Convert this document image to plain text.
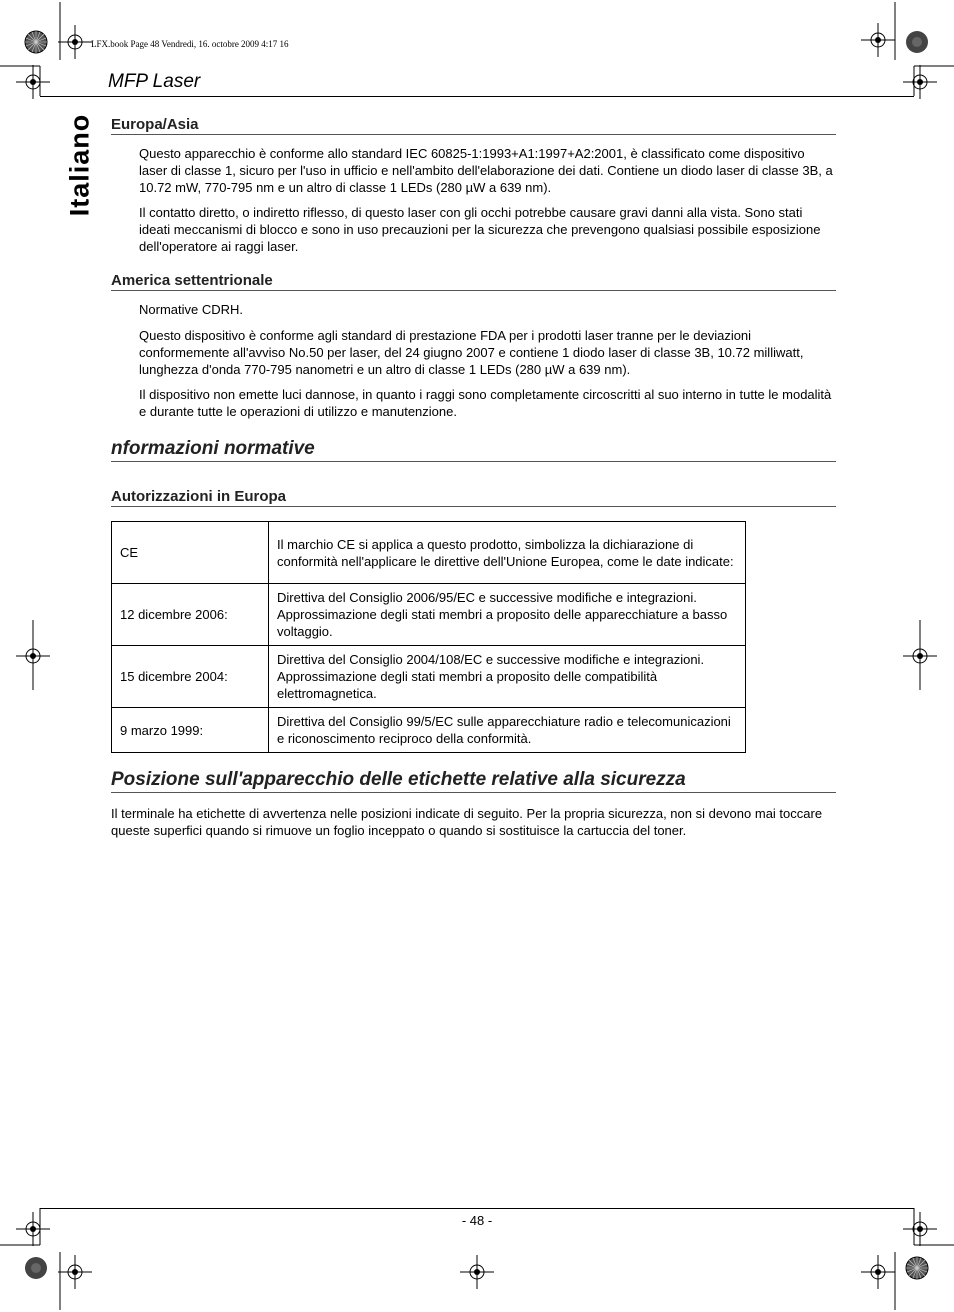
LFX.book Page 48 Vendredi, 16. octobre 2009 4:17 16
MFP Laser
Italiano Europa/Asia
Questo apparecchio è conforme allo standard IEC 60825-1:1993+A1:1997+A2:2001, è classificato come dispositivo laser di classe 1, sicuro per l'uso in ufficio e nell'ambito dell'elaborazione dei dati. Contiene un diodo laser di classe 3B, a 10.72 mW, 770-795 nm e un altro di classe 1 LEDs (280 µW a 639 nm).
Il contatto diretto, o indiretto riflesso, di questo laser con gli occhi potrebbe causare gravi danni alla vista. Sono stati ideati meccanismi di blocco e sono in uso precauzioni per la sicurezza che prevengono qualsiasi possibile esposizione dell'operatore ai raggi laser.
America settentrionale
Normative CDRH.
Questo dispositivo è conforme agli standard di prestazione FDA per i prodotti laser tranne per le deviazioni conformemente all'avviso No.50 per laser, del 24 giugno 2007 e contiene 1 diodo laser di classe 3B, 10.72 milliwatt, lunghezza d'onda 770-795 nanometri e un altro di classe 1 LEDs (280 µW a 639 nm).
Il dispositivo non emette luci dannose, in quanto i raggi sono completamente circoscritti al suo interno in tutte le modalità e durante tutte le operazioni di utilizzo e manutenzione.
nformazioni normative
Autorizzazioni in Europa
CE	Il marchio CE si applica a questo prodotto, simbolizza la dichiarazione di conformità nell'applicare le direttive dell'Unione Europea, come le date indicate:
12 dicembre 2006:	Direttiva del Consiglio 2006/95/EC e successive modifiche e integrazioni. Approssimazione degli stati membri a proposito delle apparecchiature a basso voltaggio.
15 dicembre 2004:	Direttiva del Consiglio 2004/108/EC e successive modifiche e integrazioni. Approssimazione degli stati membri a proposito delle compatibilità elettromagnetica.
9 marzo 1999:	Direttiva del Consiglio 99/5/EC sulle apparecchiature radio e telecomunicazioni e riconoscimento reciproco della conformità.
Posizione sull'apparecchio delle etichette relative alla sicurezza
Il terminale ha etichette di avvertenza nelle posizioni indicate di seguito. Per la propria sicurezza, non si devono mai toccare queste superfici quando si rimuove un foglio inceppato o quando si sostituisce la cartuccia del toner.
- 48 -
